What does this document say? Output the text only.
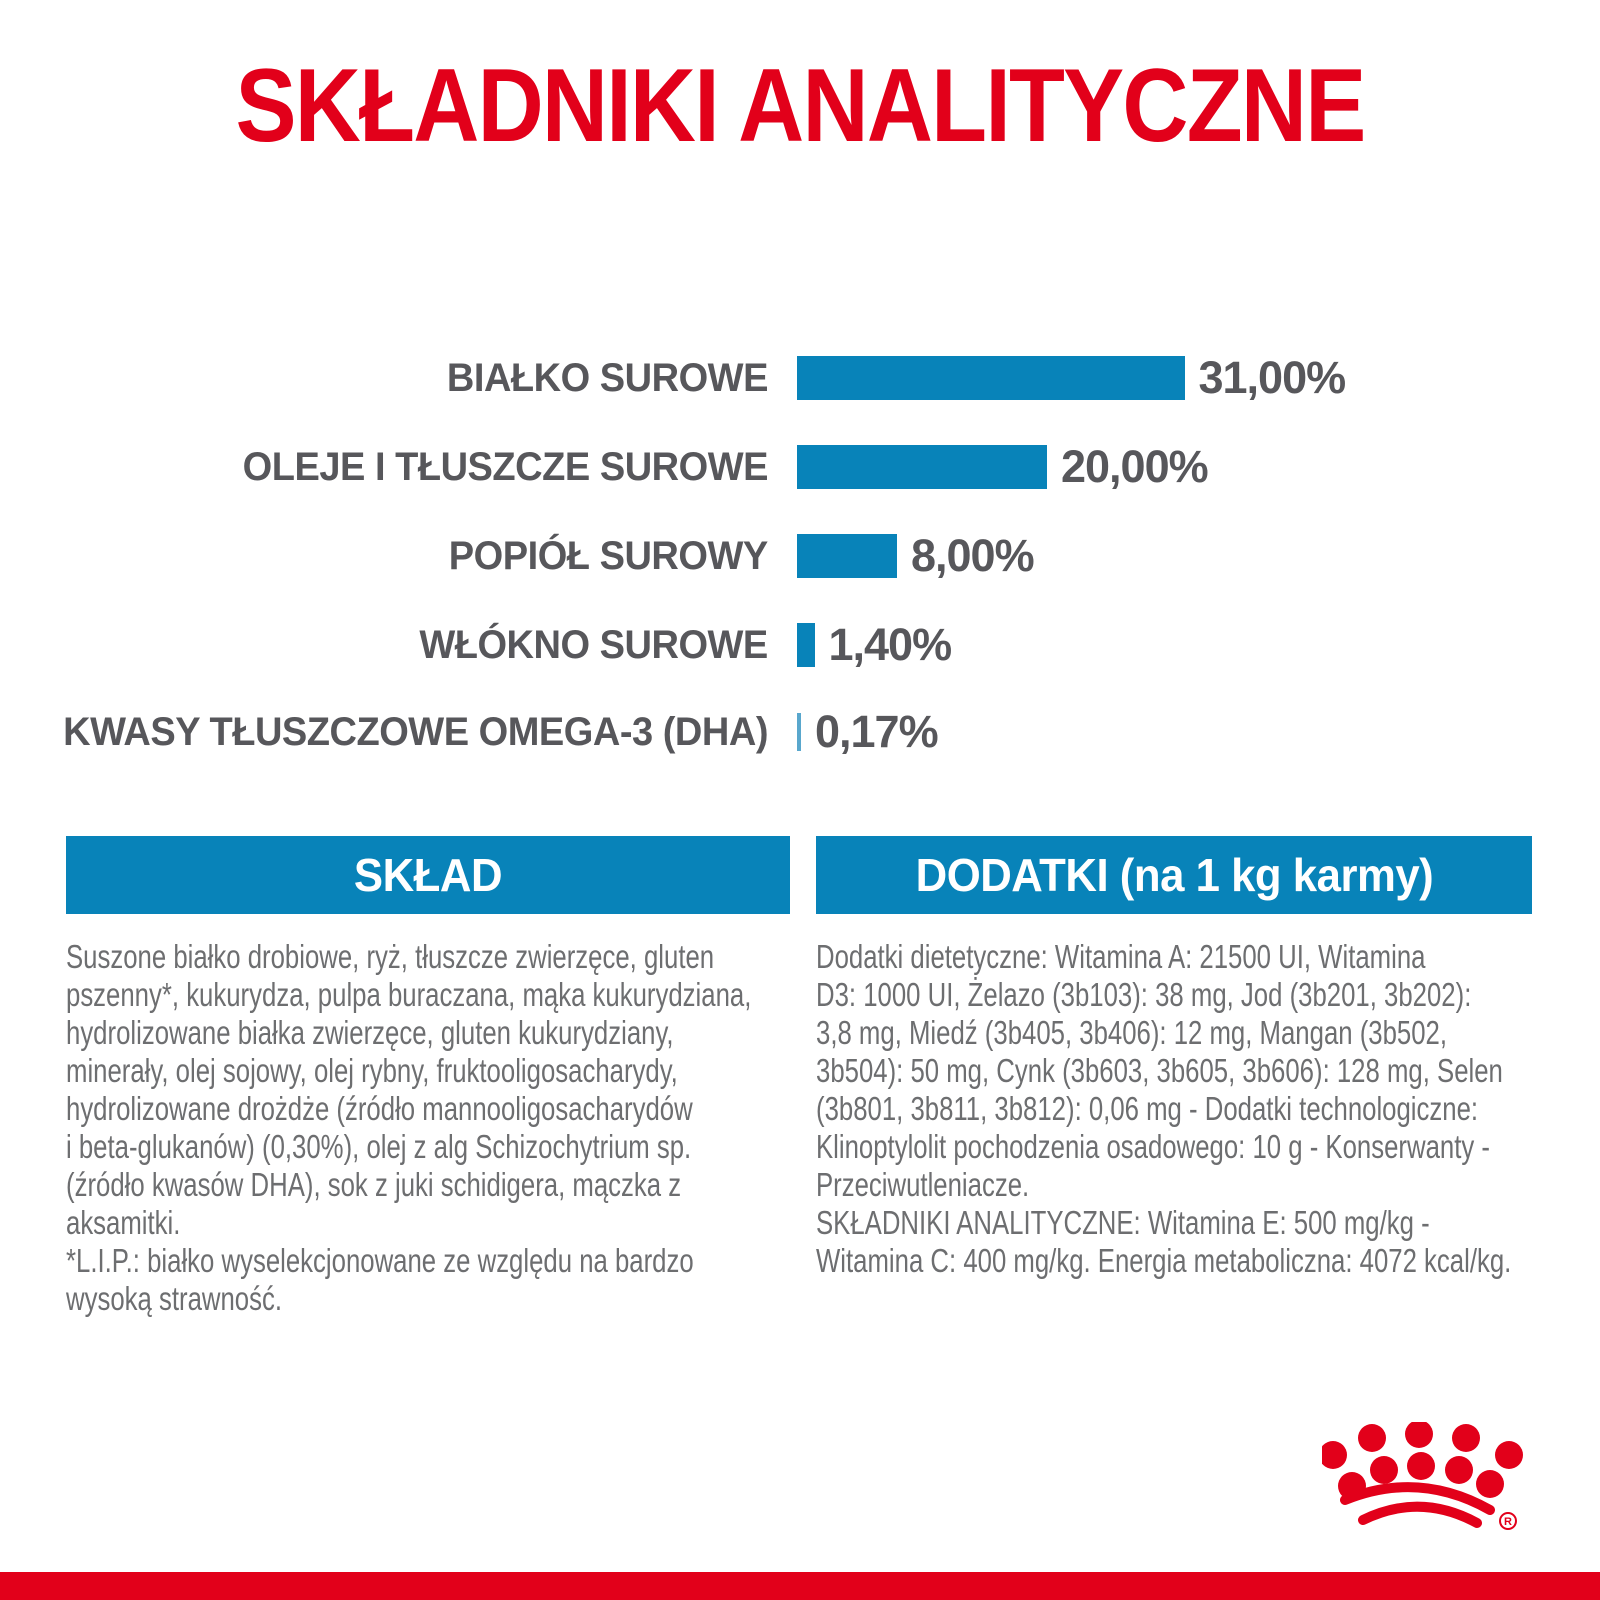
SKŁADNIKI ANALITYCZNE
BIAŁKO SUROWE	31,00%
OLEJE I TŁUSZCZE SUROWE	20,00%
POPIÓŁ SUROWY	8,00%
WŁÓKNO SUROWE	1,40%
KWASY TŁUSZCZOWE OMEGA-3 (DHA)	0,17%
SKŁAD	DODATKI (na 1 kg karmy)
Suszone białko drobiowe, ryż, tłuszcze zwierzęce, gluten
pszenny*, kukurydza, pulpa buraczana, mąka kukurydziana,
hydrolizowane białka zwierzęce, gluten kukurydziany,
minerały, olej sojowy, olej rybny, fruktooligosacharydy,
hydrolizowane drożdże (źródło mannooligosacharydów
i beta-glukanów) (0,30%), olej z alg Schizochytrium sp.
(źródło kwasów DHA), sok z juki schidigera, mączka z
aksamitki.
*L.I.P.: białko wyselekcjonowane ze względu na bardzo
wysoką strawność.
Dodatki dietetyczne: Witamina A: 21500 UI, Witamina
D3: 1000 UI, Żelazo (3b103): 38 mg, Jod (3b201, 3b202):
3,8 mg, Miedź (3b405, 3b406): 12 mg, Mangan (3b502,
3b504): 50 mg, Cynk (3b603, 3b605, 3b606): 128 mg, Selen
(3b801, 3b811, 3b812): 0,06 mg - Dodatki technologiczne:
Klinoptylolit pochodzenia osadowego: 10 g - Konserwanty -
Przeciwutleniacze.
SKŁADNIKI ANALITYCZNE: Witamina E: 500 mg/kg -
Witamina C: 400 mg/kg. Energia metaboliczna: 4072 kcal/kg.
R
